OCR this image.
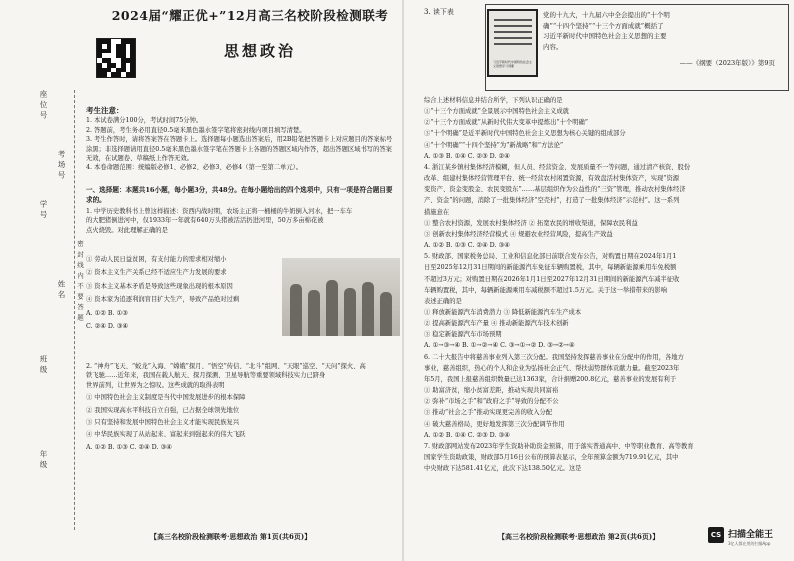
2024届“耀正优+”12月高三名校阶段检测联考
思想政治
座位号
考场号
学号
姓名
班级
年级
密 封 线 内 不 要 答 题
考生注意：

1. 本试卷满分100分，考试时间75分钟。

2. 答题前，考生务必用直径0.5毫米黑色墨水签字笔将密封线内项目填写清楚。

3. 考生作答时，请将答案答在答题卡上。选择题每小题选出答案后，用2B铅笔把答题卡上对应题目的答案标号

涂黑；非选择题请用直径0.5毫米黑色墨水签字笔在答题卡上各题的答题区域内作答，超出答题区域书写的答案

无效，在试题卷、草稿纸上作答无效。

4. 本卷命题范围：统编版必修1、必修2、必修3、必修4（第一至第二单元）。

一、选择题：本题共16小题，每小题3分，共48分。在每小题给出的四个选项中，只有一项是符合题目要求的。

1. 中学历史教科书上曾这样描述：资西内战时期，农场主正将一桶桶的牛奶倒入河水，把一车车

的大肥猪倒进河中，仅1933年一年就有640万头猪被活活扔进河里，50万多亩棉花被

点火烧毁。对此理解正确的是

① 劳动人民日益贫困，有支付能力的需求相对缩小

② 资本主义生产关系已经不适应生产力发展的要求

③ 资本主义基本矛盾是导致这些现象出现的根本原因

④ 资本家为追逐利润盲目扩大生产，导致产品绝对过剩

A. ①② B. ①③

C. ②④ D. ③④

2. “神舟”飞天、“蛟龙”入海、“嫦娥”探月、“悟空”传信、“北斗”组网、“天眼”巡空、“天问”探火、高

铁飞驰……近年来，我国在载人航天、探月探测、卫星导航等重要领域科技实力已跻身

世界前列，让世界为之惊叹。这些成就的取得表明

① 中国特色社会主义制度是当代中国发展进步的根本保障

② 我国实现高水平科技自立自强，已占据全球领先地位

③ 只有坚持和发展中国特色社会主义才能实现民族复兴

④ 中华民族实现了从站起来、富起来到强起来的伟大飞跃

A. ①② B. ①③ C. ②④ D. ③④

【高三名校阶段检测联考·思想政治 第1页(共6页)】
3. 读下表
习近平新时代中国特色社会主义思想学习纲要

党的十九大，十九届六中全会提出的“十个明

确”“十四个坚持”“十三个方面成就”概括了

习近平新时代中国特色社会主义思想的主要

内容。

——《纲要（2023年版）》第9页

综合上述材料信息并结合所学，下列认识正确的是

①“十三个方面成就”全景展示中国特色社会主义成就

②“十三个方面成就”从新时代伟大变革中提炼出“十个明确”

③“十个明确”是近平新时代中国特色社会主义思想为核心关键的组成部分

④“十个明确”“十四个坚持”为“新战略”和“方法论”

A. ①③ B. ①④ C. ②③ D. ②④

4. 浙江某乡镇村集体经济模糊，但人员、经营资金、发展质量不一等问题，通过清产核资、股份

改革、组建村集体经营管理平台、统一经营农村闲置资源，有效盘活村集体资产，实现“资源

变资产、资金变股金、农民变股东”……基层组织作为公益性的“三资”管理，推动农村集体经济

产、资金”的问题，消除了一批集体经济“空壳村”，打造了一批集体经济“示范村”。这一系列

措施意在

① 整合农村资源，发展农村集体经济 ② 拓宽农民的增收渠道，保障农民利益

③ 创新农村集体经济经营模式 ④ 规避农业经营风险，提高生产效益

A. ①② B. ①③ C. ②④ D. ③④

5. 财政部、国家税务总局、工业和信息化部日前联合发布公告，对购置日期在2024年1月1

日至2025年12月31日期间的新能源汽车免征车辆购置税，其中，每辆新能源乘用车免税额

不超过3万元；对购置日期在2026年1月1日至2027年12月31日期间的新能源汽车减半征收

车辆购置税，其中，每辆新能源乘用车减税额不超过1.5万元。关于这一举措带来的影响

表述正确的是

① 释放新能源汽车消费潜力 ③ 降低新能源汽车生产成本

② 提高新能源汽车产量 ④ 推动新能源汽车技术创新

③ 稳定新能源汽车市场预期

A. ①→③→④ B. ①→②→④ C. ③→①→② D. ③→②→④

6. 二十大报告中将慈善事业列入第三次分配。我国坚持发挥慈善事业在分配中的作用，各地方

事业，慈善组织，热心的个人和企业为弘扬社会正气、帮扶弱势群体贡献力量。截至2023年

年5月，我国上报慈善组织数量已达1363家，合计捐赠200.8亿元，慈善事业的发展有利于

① 助富济贫，缩小贫富差距，推动实现共同富裕

② 弥补“市场之手”和“政府之手”导致的分配不公

③ 推动“社会之手”推动实现更完善的收入分配

④ 破大慈善格局，更好地发挥第三次分配调节作用

A. ①② B. ①④ C. ②③ D. ③④

7. 财政部网站发布2023年学生资助补助资金预算，用于落实普通高中、中等职业教育、高等教育

国家学生资助政策，财政部5月16日公布的预算表显示，全年预算金额为719.91亿元，其中

中央财政下达581.41亿元，此次下达138.50亿元。这是

【高三名校阶段检测联考·思想政治 第2页(共6页)】	CS 扫描全能王
3亿人都在用的扫描App
